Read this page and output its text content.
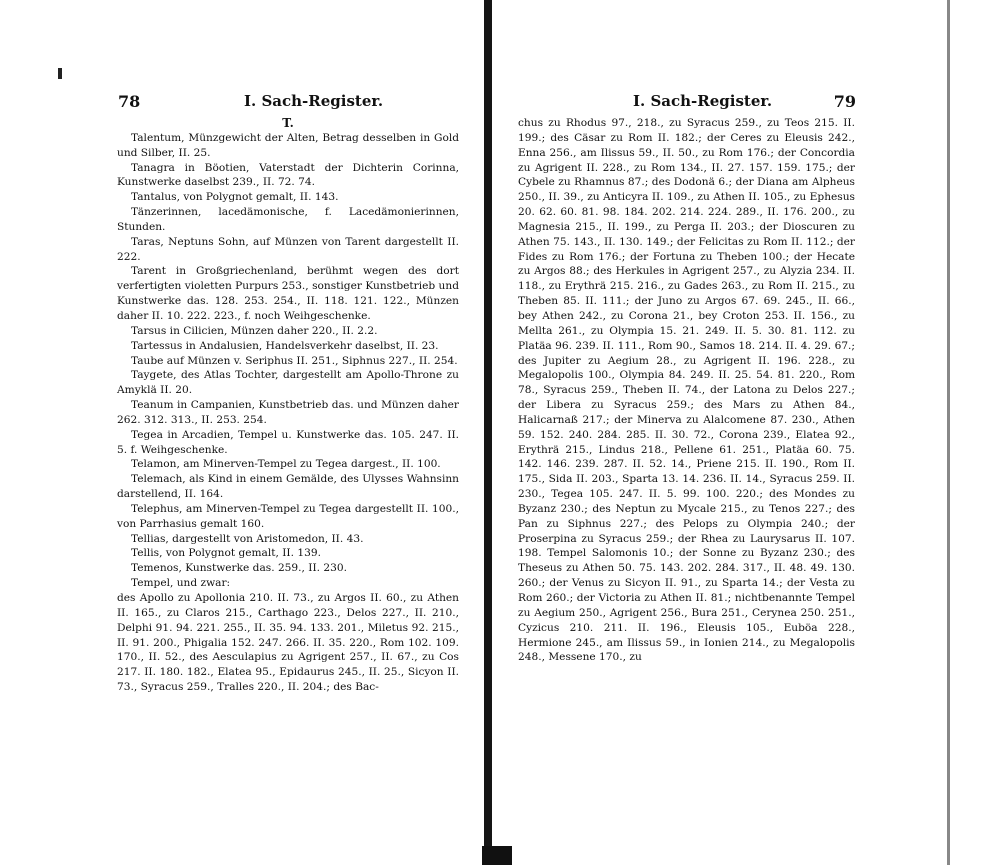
78	I. Sach-Register.

T.

Talentum, Münzgewicht der Alten, Betrag desselben in Gold und Silber, II. 25.

Tanagra in Böotien, Vaterstadt der Dichterin Corinna, Kunstwerke daselbst 239., II. 72. 74.

Tantalus, von Polygnot gemalt, II. 143.

Tänzerinnen, lacedämonische, f. Lacedämonierinnen, Stunden.

Taras, Neptuns Sohn, auf Münzen von Tarent dargestellt II. 222.

Tarent in Großgriechenland, berühmt wegen des dort verfertigten violetten Purpurs 253., sonstiger Kunstbetrieb und Kunstwerke das. 128. 253. 254., II. 118. 121. 122., Münzen daher II. 10. 222. 223., f. noch Weihgeschenke.

Tarsus in Cilicien, Münzen daher 220., II. 2.2.

Tartessus in Andalusien, Handelsverkehr daselbst, II. 23.

Taube auf Münzen v. Seriphus II. 251., Siphnus 227., II. 254.

Taygete, des Atlas Tochter, dargestellt am Apollo-Throne zu Amyklä II. 20.

Teanum in Campanien, Kunstbetrieb das. und Münzen daher 262. 312. 313., II. 253. 254.

Tegea in Arcadien, Tempel u. Kunstwerke das. 105. 247. II. 5. f. Weihgeschenke.

Telamon, am Minerven-Tempel zu Tegea dargest., II. 100.

Telemach, als Kind in einem Gemälde, des Ulysses Wahnsinn darstellend, II. 164.

Telephus, am Minerven-Tempel zu Tegea dargestellt II. 100., von Parrhasius gemalt 160.

Tellias, dargestellt von Aristomedon, II. 43.

Tellis, von Polygnot gemalt, II. 139.

Temenos, Kunstwerke das. 259., II. 230.

Tempel, und zwar:

des Apollo zu Apollonia 210. II. 73., zu Argos II. 60., zu Athen II. 165., zu Claros 215., Carthago 223., Delos 227., II. 210., Delphi 91. 94. 221. 255., II. 35. 94. 133. 201., Miletus 92. 215., II. 91. 200., Phigalia 152. 247. 266. II. 35. 220., Rom 102. 109. 170., II. 52., des Aesculapius zu Agrigent 257., II. 67., zu Cos 217. II. 180. 182., Elatea 95., Epidaurus 245., II. 25., Sicyon II. 73., Syracus 259., Tralles 220., II. 204.; des Bac-

I. Sach-Register.	79

chus zu Rhodus 97., 218., zu Syracus 259., zu Teos 215. II. 199.; des Cäsar zu Rom II. 182.; der Ceres zu Eleusis 242., Enna 256., am Ilissus 59., II. 50., zu Rom 176.; der Concordia zu Agrigent II. 228., zu Rom 134., II. 27. 157. 159. 175.; der Cybele zu Rhamnus 87.; des Dodonä 6.; der Diana am Alpheus 250., II. 39., zu Anticyra II. 109., zu Athen II. 105., zu Ephesus 20. 62. 60. 81. 98. 184. 202. 214. 224. 289., II. 176. 200., zu Magnesia 215., II. 199., zu Perga II. 203.; der Dioscuren zu Athen 75. 143., II. 130. 149.; der Felicitas zu Rom II. 112.; der Fides zu Rom 176.; der Fortuna zu Theben 100.; der Hecate zu Argos 88.; des Herkules in Agrigent 257., zu Alyzia 234. II. 118., zu Erythrä 215. 216., zu Gades 263., zu Rom II. 215., zu Theben 85. II. 111.; der Juno zu Argos 67. 69. 245., II. 66., bey Athen 242., zu Corona 21., bey Croton 253. II. 156., zu Mellta 261., zu Olympia 15. 21. 249. II. 5. 30. 81. 112. zu Platäa 96. 239. II. 111., Rom 90., Samos 18. 214. II. 4. 29. 67.; des Jupiter zu Aegium 28., zu Agrigent II. 196. 228., zu Megalopolis 100., Olympia 84. 249. II. 25. 54. 81. 220., Rom 78., Syracus 259., Theben II. 74., der Latona zu Delos 227.; der Libera zu Syracus 259.; des Mars zu Athen 84., Halicarnaß 217.; der Minerva zu Alalcomene 87. 230., Athen 59. 152. 240. 284. 285. II. 30. 72., Corona 239., Elatea 92., Erythrä 215., Lindus 218., Pellene 61. 251., Platäa 60. 75. 142. 146. 239. 287. II. 52. 14., Priene 215. II. 190., Rom II. 175., Sida II. 203., Sparta 13. 14. 236. II. 14., Syracus 259. II. 230., Tegea 105. 247. II. 5. 99. 100. 220.; des Mondes zu Byzanz 230.; des Neptun zu Mycale 215., zu Tenos 227.; des Pan zu Siphnus 227.; des Pelops zu Olympia 240.; der Proserpina zu Syracus 259.; der Rhea zu Laurysarus II. 107. 198. Tempel Salomonis 10.; der Sonne zu Byzanz 230.; des Theseus zu Athen 50. 75. 143. 202. 284. 317., II. 48. 49. 130. 260.; der Venus zu Sicyon II. 91., zu Sparta 14.; der Vesta zu Rom 260.; der Victoria zu Athen II. 81.; nichtbenannte Tempel zu Aegium 250., Agrigent 256., Bura 251., Cerynea 250. 251., Cyzicus 210. 211. II. 196., Eleusis 105., Euböa 228., Hermione 245., am Ilissus 59., in Ionien 214., zu Megalopolis 248., Messene 170., zu
